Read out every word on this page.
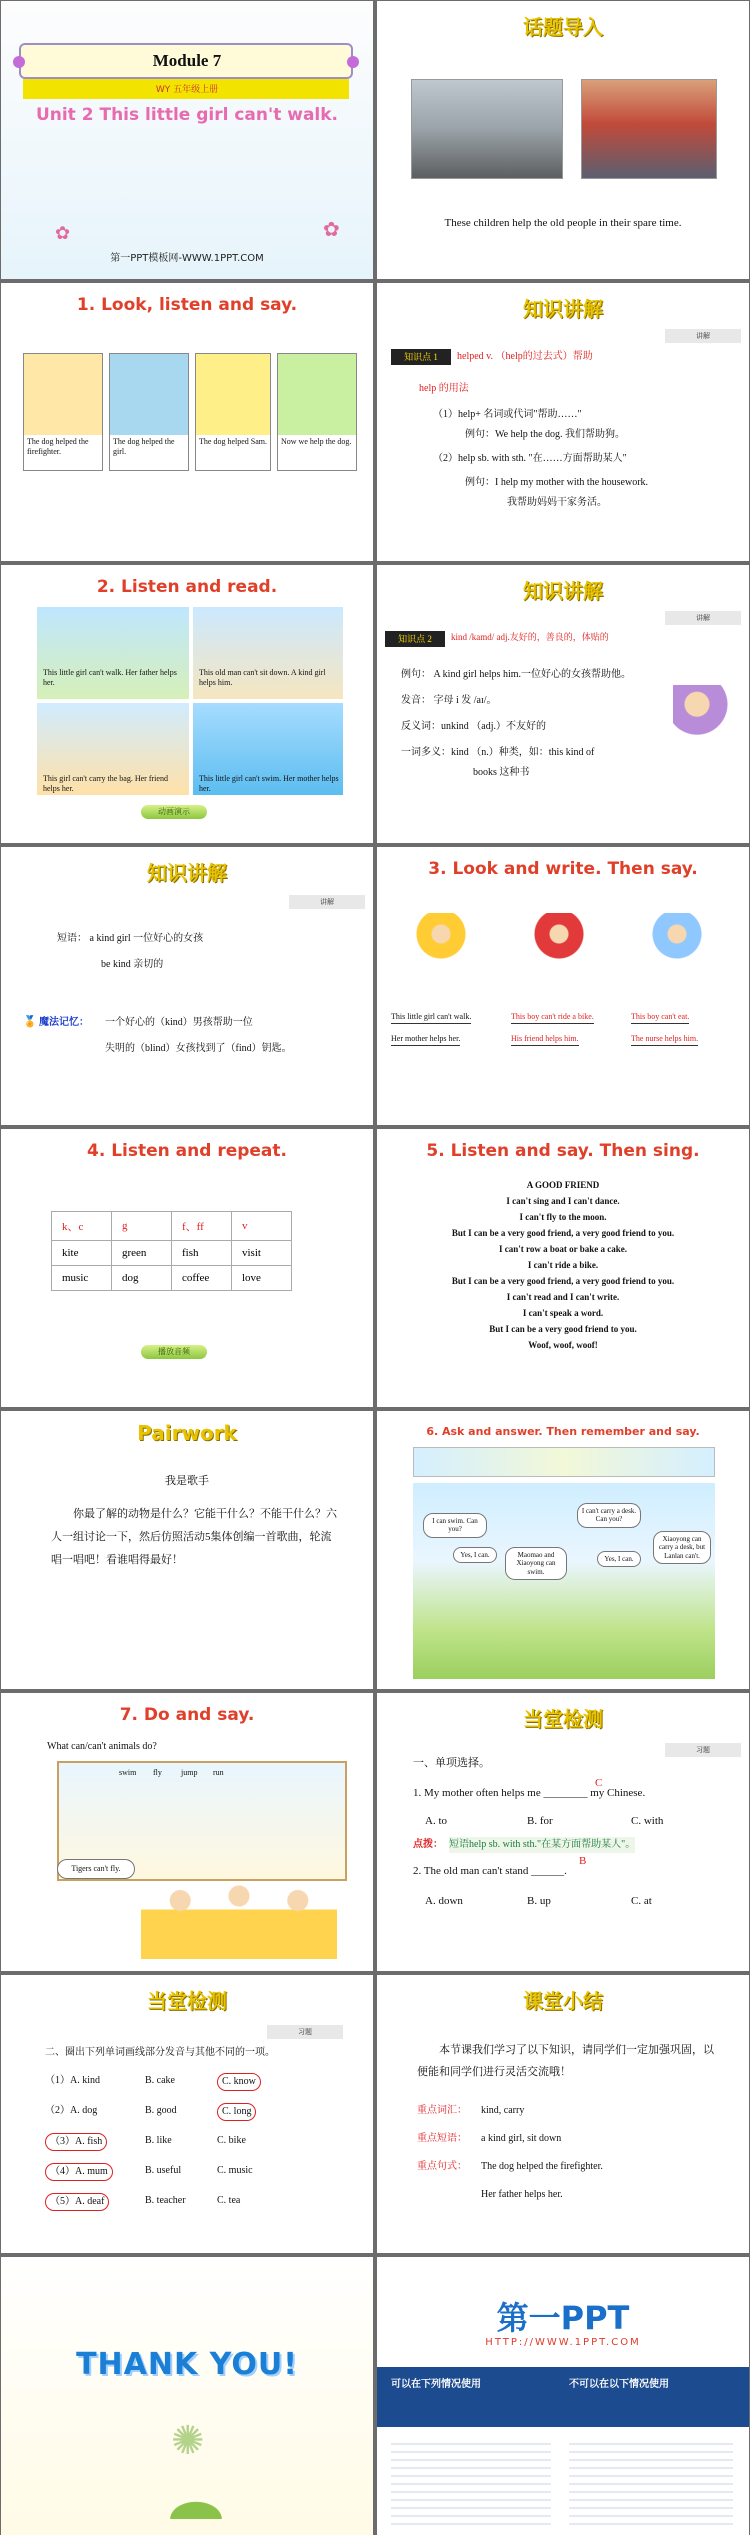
Module 7
WY 五年级上册
Unit 2 This little girl can't walk.
✿	✿
第一PPT模板网-WWW.1PPT.COM
话题导入
These children help the old people in their spare time.
1. Look, listen and say.
The dog helped the firefighter.
The dog helped the girl.
The dog helped Sam. Now we help the dog.
知识讲解
讲解
知识点 1	helped v. （help的过去式）帮助
help 的用法
（1）help+ 名词或代词"帮助……"
例句：We help the dog. 我们帮助狗。
（2）help sb. with sth. "在……方面帮助某人"
例句：I help my mother with the housework.
我帮助妈妈干家务活。
2. Listen and read.
This little girl can't walk. Her father helps her.
This old man can't sit down. A kind girl helps him.
This girl can't carry the bag. Her friend helps her.
This little girl can't swim. Her mother helps her.
动画演示
知识讲解
讲解
知识点 2	kind /kamd/ adj.友好的，善良的，体贴的
例句： A kind girl helps him.一位好心的女孩帮助他。
发音： 字母 i 发 /aɪ/。
反义词：unkind （adj.）不友好的
一词多义：kind （n.）种类，如：this kind of
books 这种书
知识讲解
讲解
短语： a kind girl 一位好心的女孩
be kind 亲切的
🏅 魔法记忆： 一个好心的（kind）男孩帮助一位
失明的（blind）女孩找到了（find）钥匙。
3. Look and write. Then say.
This little girl can't walk.	This boy can't ride a bike.	This boy can't eat.
Her mother helps her.	His friend helps him.	The nurse helps him.
4. Listen and repeat.
k、c	g	f、ff	v
kite	green	fish	visit
music	dog	coffee	love
播放音频
5. Listen and say. Then sing.
A GOOD FRIEND
I can't sing and I can't dance.
I can't fly to the moon.
But I can be a very good friend, a very good friend to you.
I can't row a boat or bake a cake.
I can't ride a bike.
But I can be a very good friend, a very good friend to you.
I can't read and I can't write.
I can't speak a word.
But I can be a very good friend to you.
Woof, woof, woof!
Pairwork
我是歌手
你最了解的动物是什么？它能干什么？不能干什么？六人一组讨论一下，然后仿照活动5集体创编一首歌曲，轮流唱一唱吧！看谁唱得最好！
6. Ask and answer. Then remember and say.
I can swim. Can you?
Yes, I can.	Maomao and Xiaoyong can swim.
I can't carry a desk. Can you?
Yes, I can.
Xiaoyong can carry a desk, but Lanlan can't.
7. Do and say.
What can/can't animals do?
swim fly jump run
Tigers can't fly.
当堂检测
习题
一、单项选择。
C
1. My mother often helps me ________ my Chinese.
A. to	B. for	C. with
点拨： 短语help sb. with sth."在某方面帮助某人"。
B
2. The old man can't stand ______.
A. down	B. up	C. at
当堂检测
习题
二、圈出下列单词画线部分发音与其他不同的一项。
（1）A. kind	B. cake	C. know
（2）A. dog	B. good	C. long
（3）A. fish	B. like	C. bike
（4）A. mum	B. useful	C. music
（5）A. deaf	B. teacher	C. tea
课堂小结
本节课我们学习了以下知识，请同学们一定加强巩固，以便能和同学们进行灵活交流哦！
重点词汇： kind, carry
重点短语： a kind girl, sit down
重点句式： The dog helped the firefighter.
Her father helps her.
THANK YOU!
✺
第一PPT
HTTP://WWW.1PPT.COM
可以在下列情况使用	不可以在以下情况使用
